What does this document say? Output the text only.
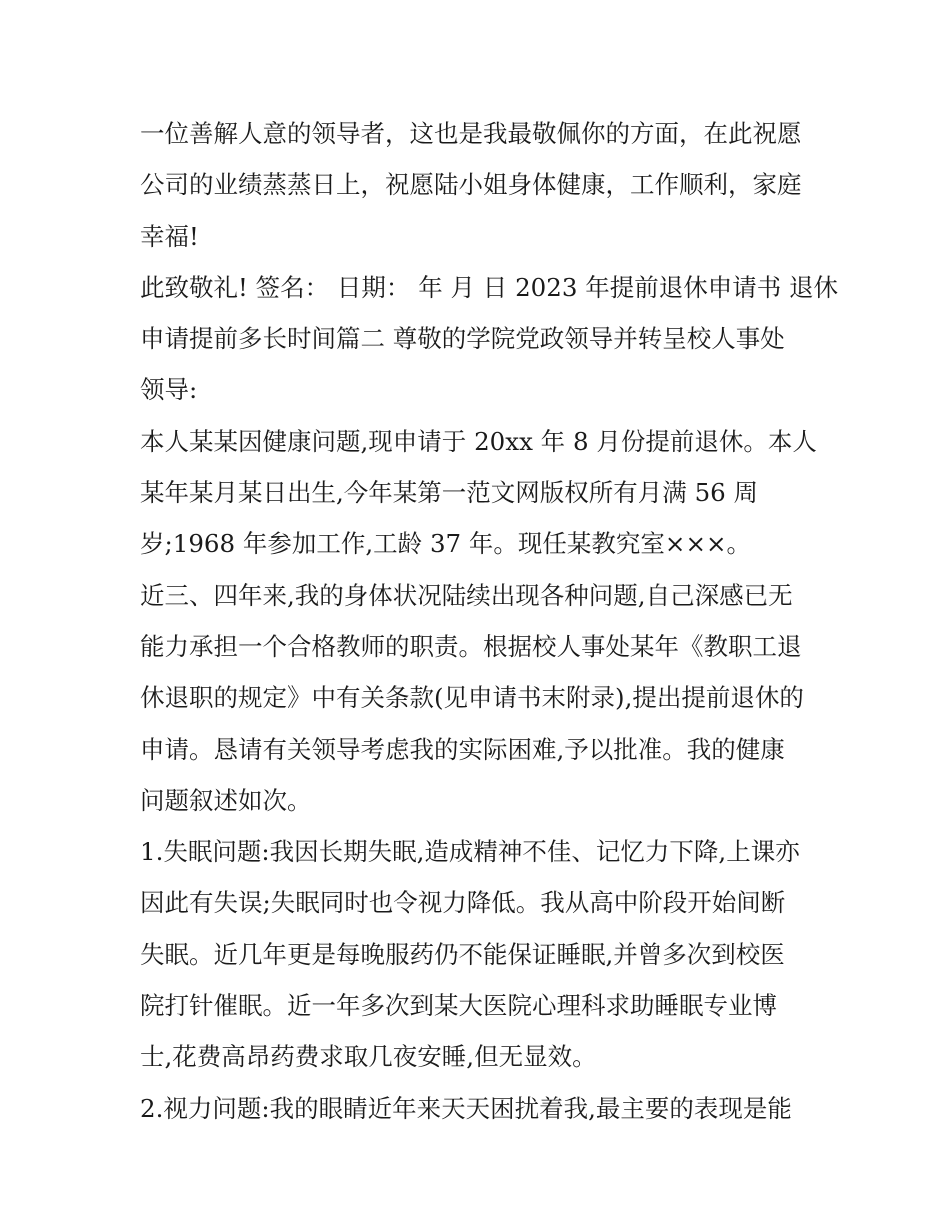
一位善解人意的领导者，这也是我最敬佩你的方面，在此祝愿
公司的业绩蒸蒸日上，祝愿陆小姐身体健康，工作顺利，家庭
幸福!
此致敬礼! 签名： 日期： 年 月 日 2023 年提前退休申请书 退休
申请提前多长时间篇二 尊敬的学院党政领导并转呈校人事处
领导:
本人某某因健康问题,现申请于 20xx 年 8 月份提前退休。本人
某年某月某日出生,今年某第一范文网版权所有月满 56 周
岁;1968 年参加工作,工龄 37 年。现任某教究室×××。
近三、四年来,我的身体状况陆续出现各种问题,自己深感已无
能力承担一个合格教师的职责。根据校人事处某年《教职工退
休退职的规定》中有关条款(见申请书末附录),提出提前退休的
申请。恳请有关领导考虑我的实际困难,予以批准。我的健康
问题叙述如次。
1.失眠问题:我因长期失眠,造成精神不佳、记忆力下降,上课亦
因此有失误;失眠同时也令视力降低。我从高中阶段开始间断
失眠。近几年更是每晚服药仍不能保证睡眠,并曾多次到校医
院打针催眠。近一年多次到某大医院心理科求助睡眠专业博
士,花费高昂药费求取几夜安睡,但无显效。
2.视力问题:我的眼睛近年来天天困扰着我,最主要的表现是能
